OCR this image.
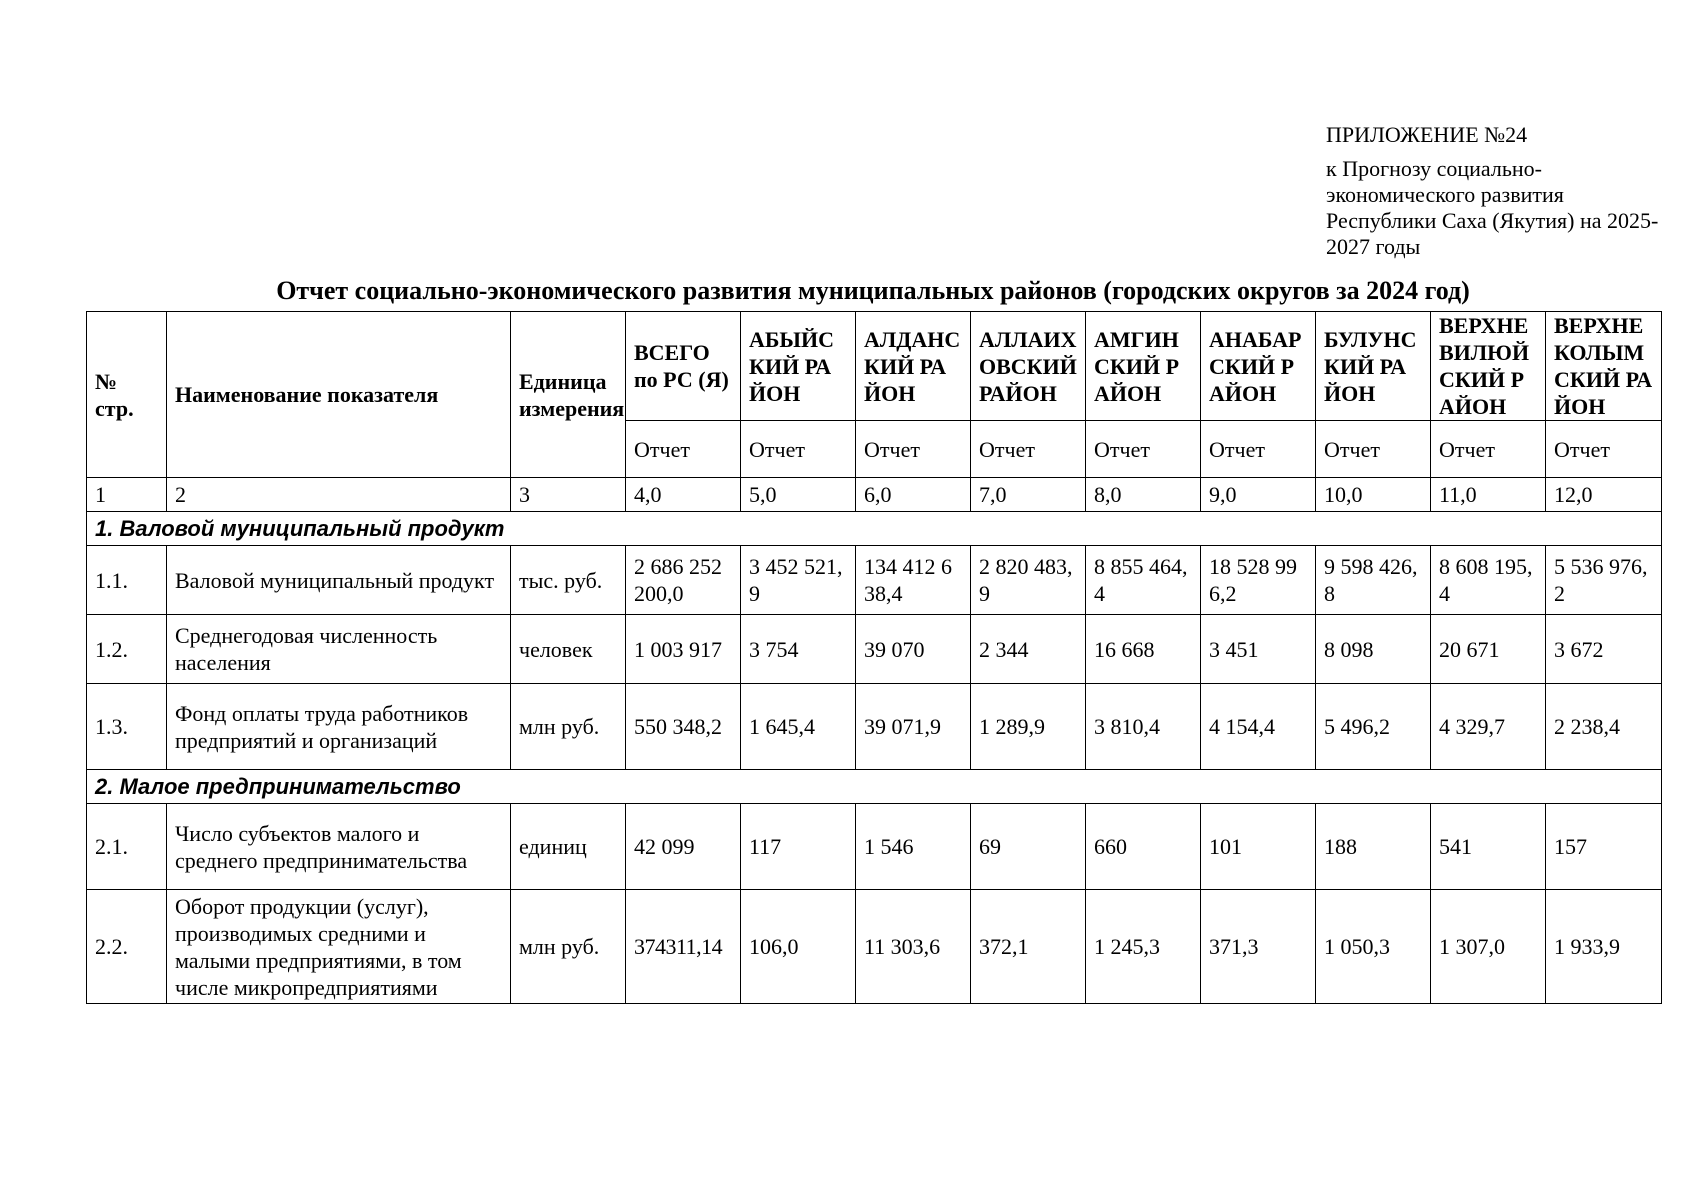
ПРИЛОЖЕНИЕ №24
к Прогнозу социально-экономического развития Республики Саха (Якутия) на 2025-2027 годы
Отчет социально-экономического развития муниципальных районов (городских округов за 2024 год)
№ стр.	Наименование показателя	Единица измерения	ВСЕГО по РС (Я)	АБЫЙСКИЙ РАЙОН	АЛДАНСКИЙ РАЙОН	АЛЛАИХОВСКИЙ РАЙОН	АМГИНСКИЙ РАЙОН	АНАБАРСКИЙ РАЙОН	БУЛУНСКИЙ РАЙОН	ВЕРХНЕВИЛЮЙСКИЙ РАЙОН	ВЕРХНЕКОЛЫМСКИЙ РАЙОН
			Отчет	Отчет	Отчет	Отчет	Отчет	Отчет	Отчет	Отчет	Отчет
1	2	3	4,0	5,0	6,0	7,0	8,0	9,0	10,0	11,0	12,0
1. Валовой муниципальный продукт											
1.1.	Валовой муниципальный продукт	тыс. руб.	2 686 252 200,0	3 452 521,9	134 412 638,4	2 820 483,9	8 855 464,4	18 528 996,2	9 598 426,8	8 608 195,4	5 536 976,2
1.2.	Среднегодовая численность населения	человек	1 003 917	3 754	39 070	2 344	16 668	3 451	8 098	20 671	3 672
1.3.	Фонд оплаты труда работников предприятий и организаций	млн руб.	550 348,2	1 645,4	39 071,9	1 289,9	3 810,4	4 154,4	5 496,2	4 329,7	2 238,4
2. Малое предпринимательство											
2.1.	Число субъектов малого и среднего предпринимательства	единиц	42 099	117	1 546	69	660	101	188	541	157
2.2.	Оборот продукции (услуг), производимых средними и малыми предприятиями, в том числе микропредприятиями	млн руб.	374311,14	106,0	11 303,6	372,1	1 245,3	371,3	1 050,3	1 307,0	1 933,9
